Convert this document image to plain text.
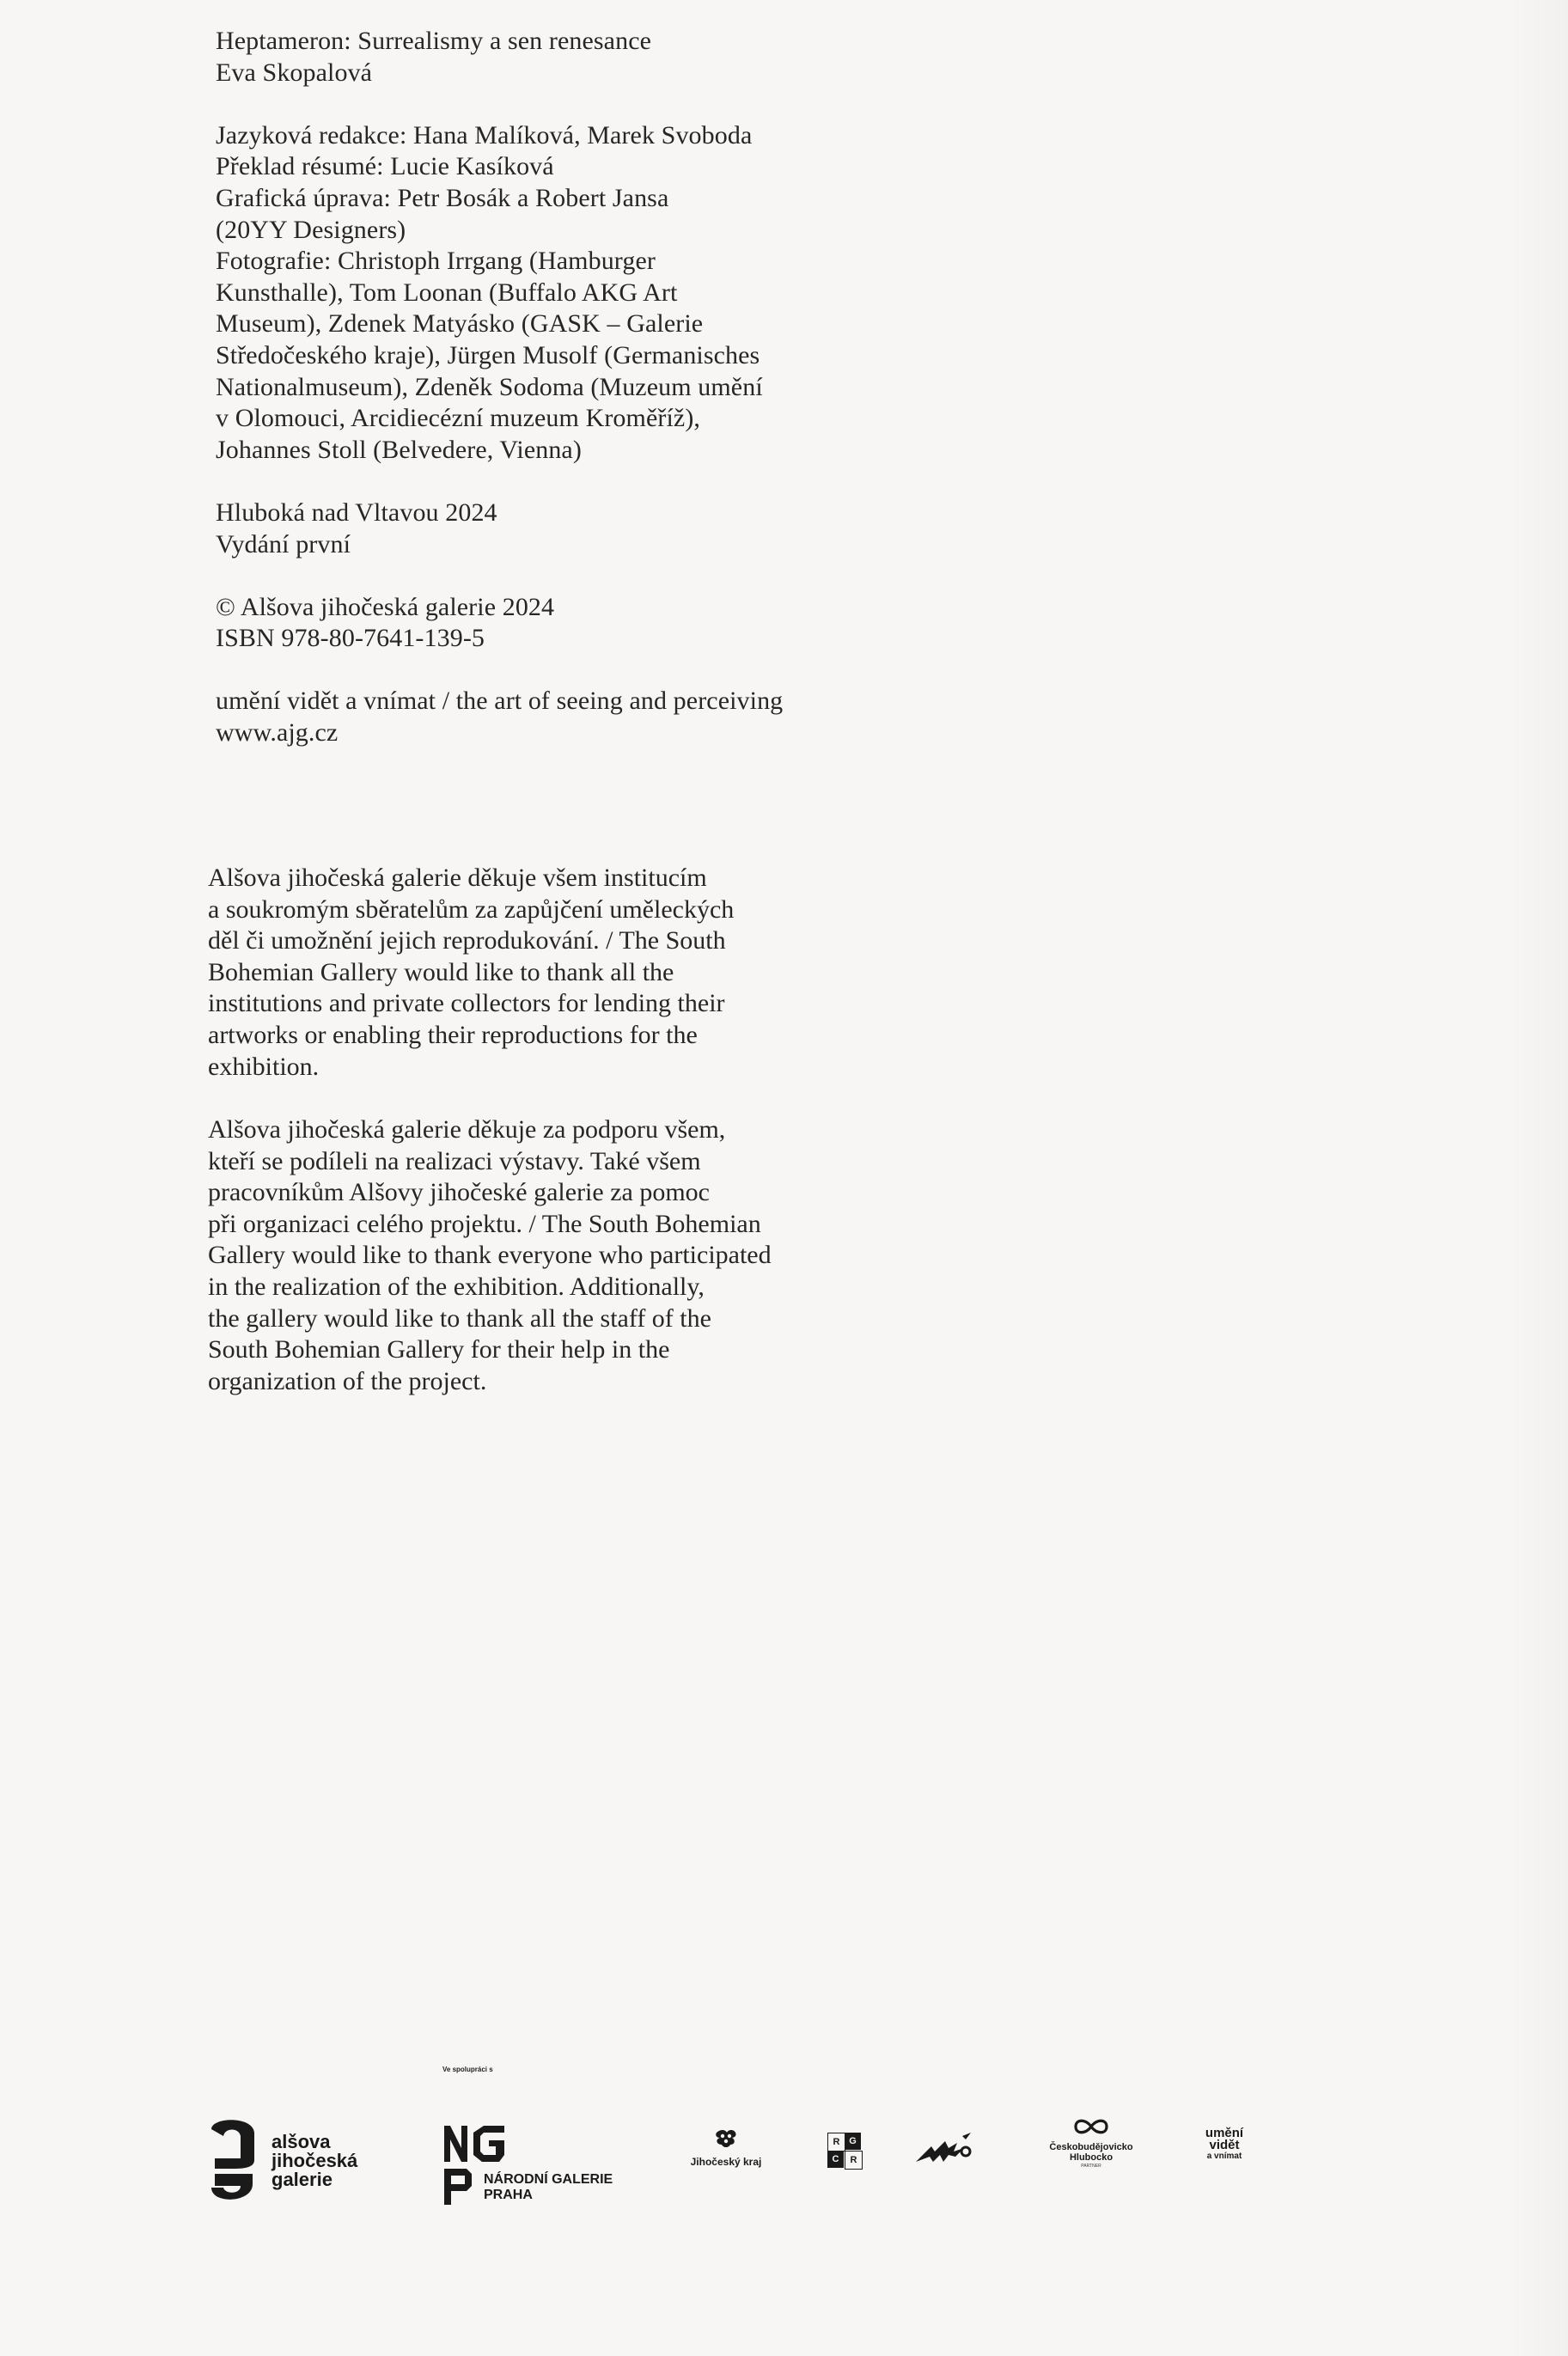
Heptameron: Surrealismy a sen renesance
Eva Skopalová

Jazyková redakce: Hana Malíková, Marek Svoboda
Překlad résumé: Lucie Kasíková
Grafická úprava: Petr Bosák a Robert Jansa
(20YY Designers)
Fotografie: Christoph Irrgang (Hamburger
Kunsthalle), Tom Loonan (Buffalo AKG Art
Museum), Zdenek Matyásko (GASK – Galerie
Středočeského kraje), Jürgen Musolf (Germanisches
Nationalmuseum), Zdeněk Sodoma (Muzeum umění
v Olomouci, Arcidiecézní muzeum Kroměříž),
Johannes Stoll (Belvedere, Vienna)

Hluboká nad Vltavou 2024
Vydání první

© Alšova jihočeská galerie 2024
ISBN 978-80-7641-139-5

umění vidět a vnímat / the art of seeing and perceiving
www.ajg.cz

Alšova jihočeská galerie děkuje všem institucím
a soukromým sběratelům za zapůjčení uměleckých
děl či umožnění jejich reprodukování. / The South
Bohemian Gallery would like to thank all the
institutions and private collectors for lending their
artworks or enabling their reproductions for the
exhibition.
Alšova jihočeská galerie děkuje za podporu všem,
kteří se podíleli na realizaci výstavy. Také všem
pracovníkům Alšovy jihočeské galerie za pomoc
při organizaci celého projektu. / The South Bohemian
Gallery would like to thank everyone who participated
in the realization of the exhibition. Additionally,
the gallery would like to thank all the staff of the
South Bohemian Gallery for their help in the
organization of the project.
Ve spolupráci s
alšova
jihočeská
galerie	NÁRODNÍ GALERIE
PRAHA
Jihočeský kraj
R G
C	R
Českobudějovicko
Hlubocko
PARTNER
umění
vidět
a vnímat
